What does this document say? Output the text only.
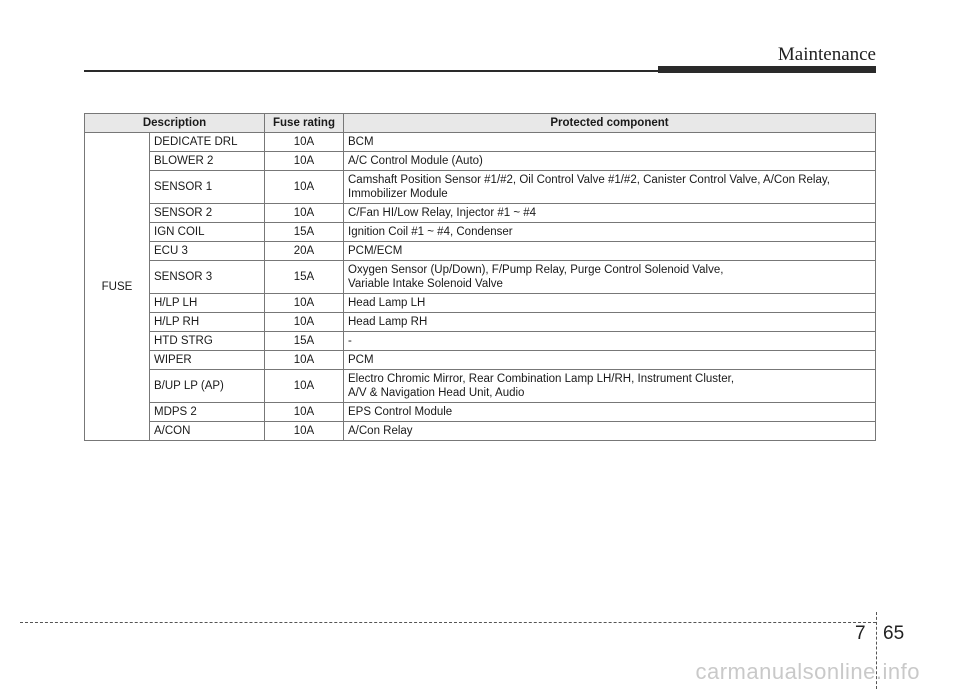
Maintenance
Description		Fuse rating	Protected component
FUSE	DEDICATE DRL	10A	BCM
	BLOWER 2	10A	A/C Control Module (Auto)
	SENSOR 1	10A	Camshaft Position Sensor #1/#2, Oil Control Valve #1/#2, Canister Control Valve, A/Con Relay,
Immobilizer Module
	SENSOR 2	10A	C/Fan HI/Low Relay, Injector #1 ~ #4
	IGN COIL	15A	Ignition Coil #1 ~ #4, Condenser
	ECU 3	20A	PCM/ECM
	SENSOR 3	15A	Oxygen Sensor (Up/Down), F/Pump Relay, Purge Control Solenoid Valve,
Variable Intake Solenoid Valve
	H/LP LH	10A	Head Lamp LH
	H/LP RH	10A	Head Lamp RH
	HTD STRG	15A	-
	WIPER	10A	PCM
	B/UP LP (AP)	10A	Electro Chromic Mirror, Rear Combination Lamp LH/RH, Instrument Cluster,
A/V & Navigation Head Unit, Audio
	MDPS 2	10A	EPS Control Module
	A/CON	10A	A/Con Relay
7 65
carmanualsonline.info
